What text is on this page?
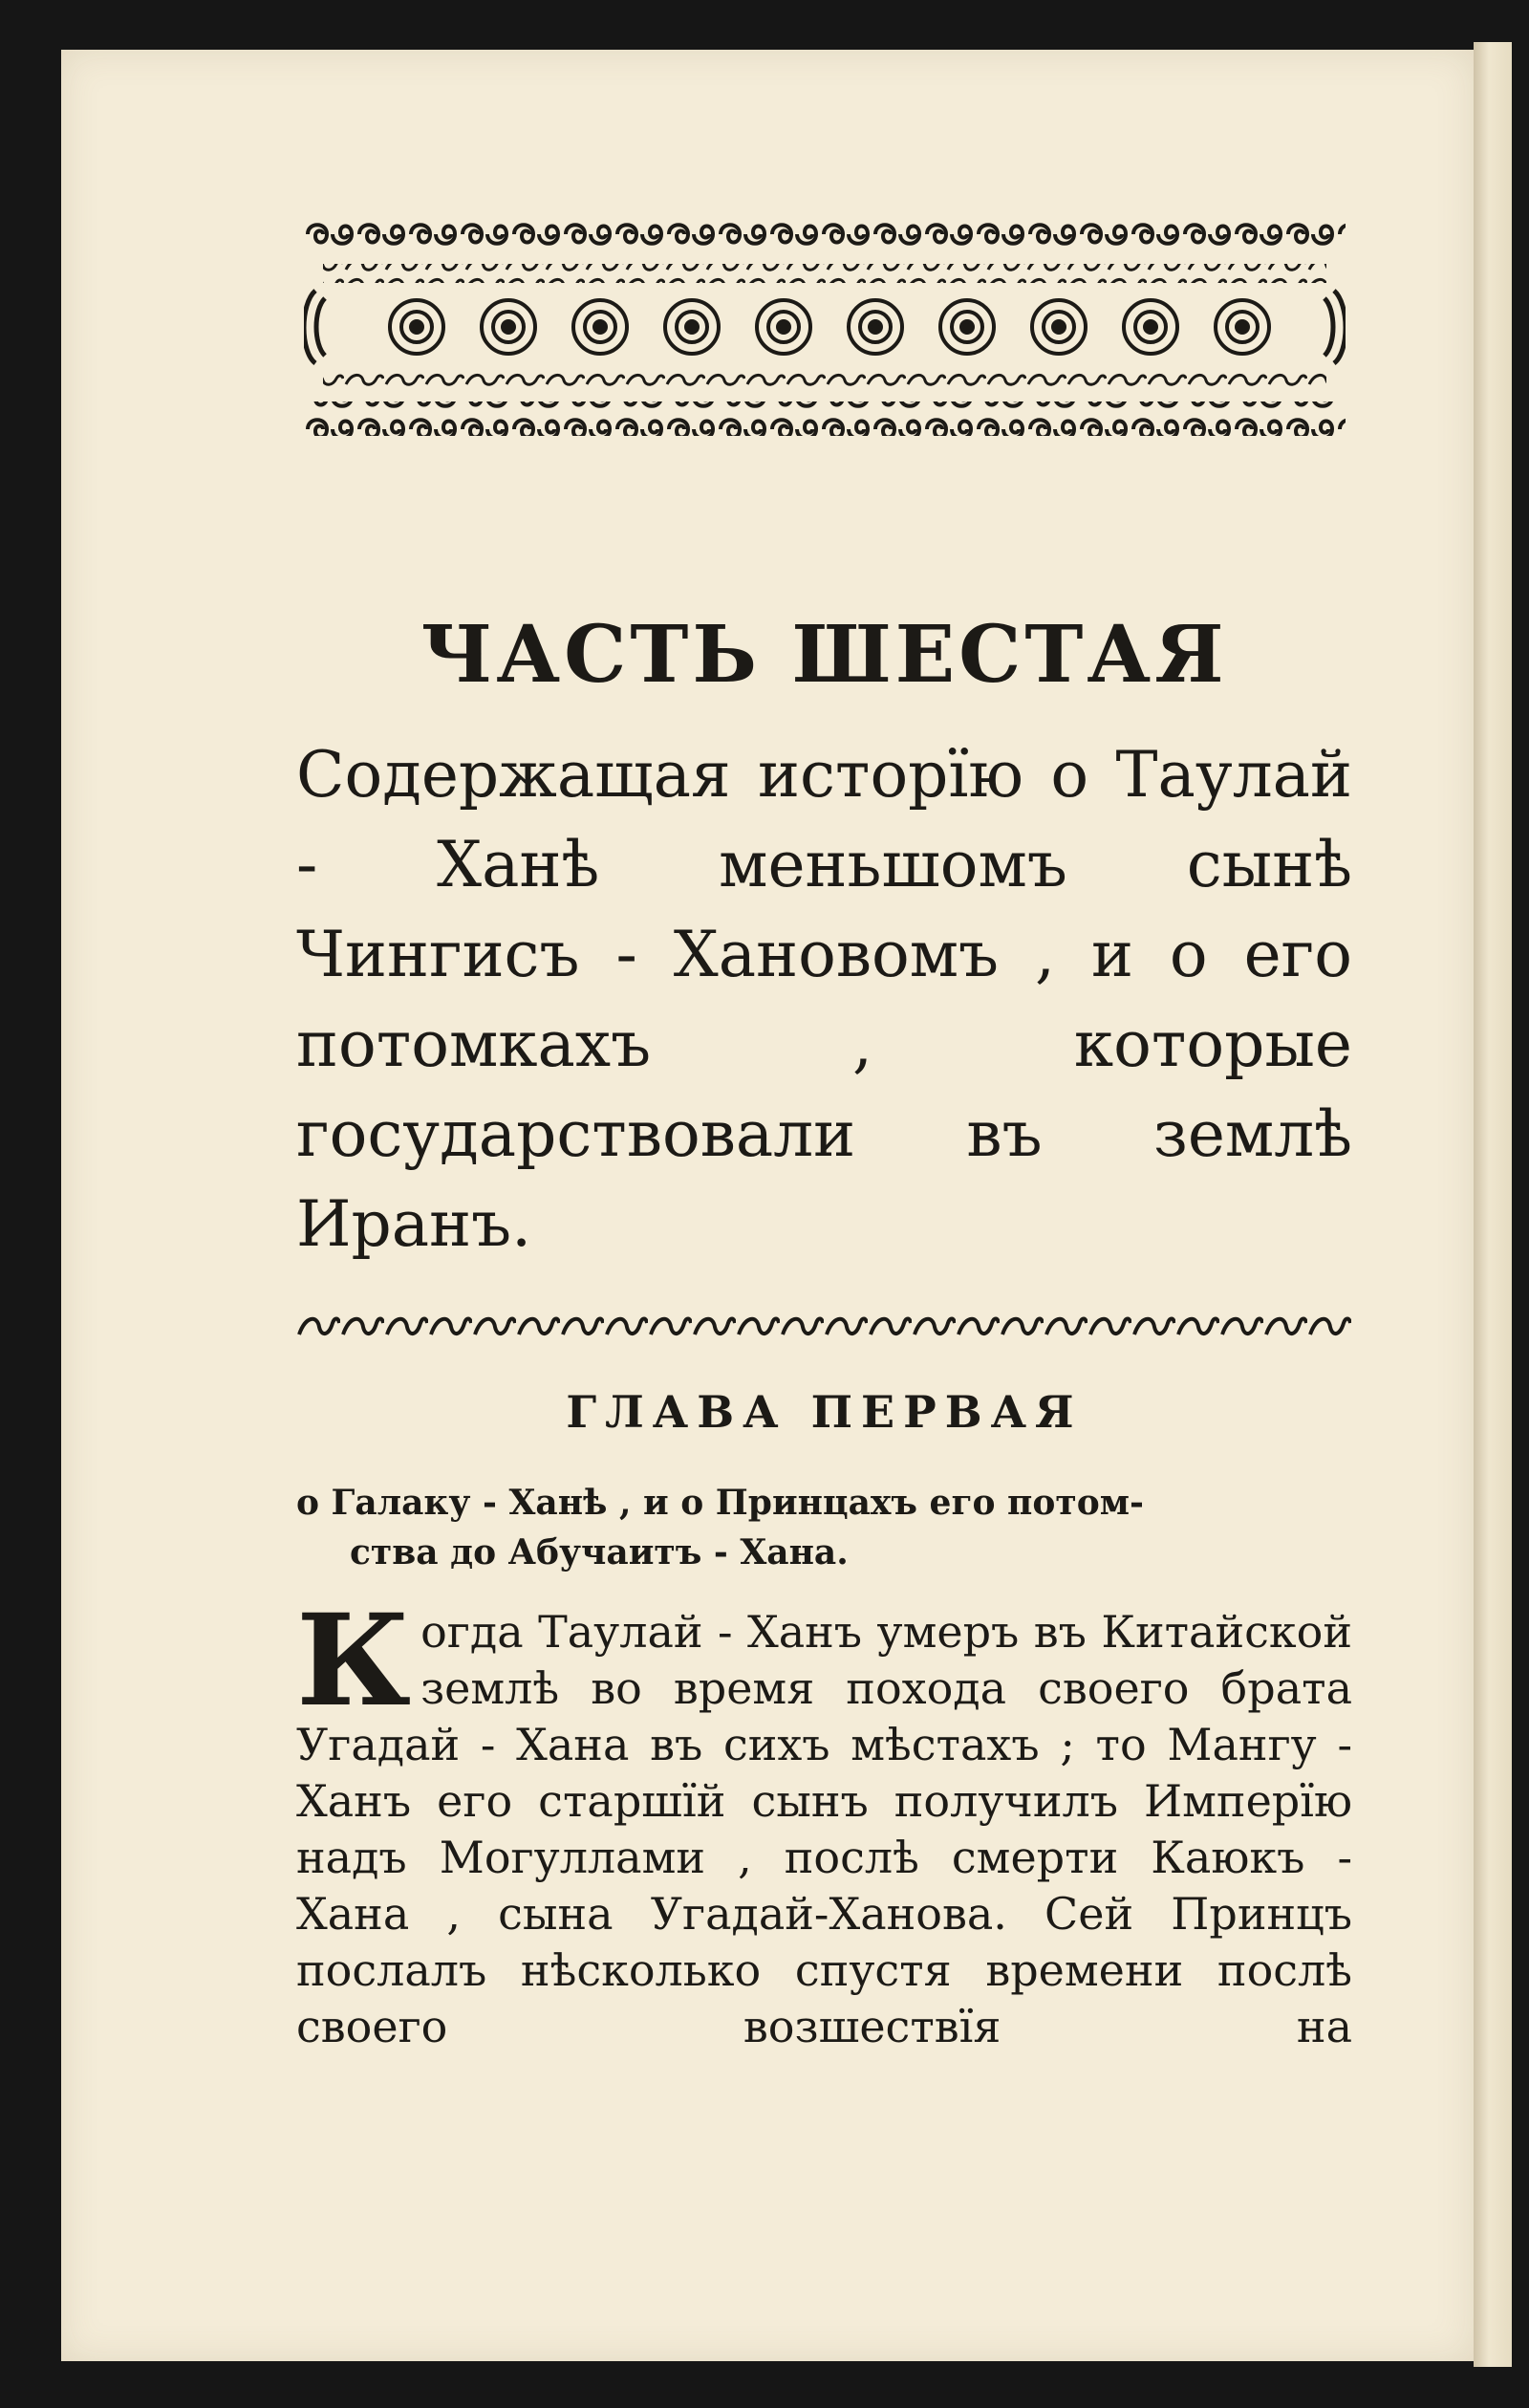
ЧАСТЬ ШЕСТАЯ

Содержащая исторїю о Таулай - Ханѣ меньшомъ сынѣ Чингисъ - Хановомъ , и о его потомкахъ , которые государствовали въ землѣ Иранъ.

ГЛАВА ПЕРВАЯ

о Галаку - Ханѣ , и о Принцахъ его потом-
ства до Абучаитъ - Хана.

Когда Таулай - Ханъ умеръ въ Китайской землѣ во время похода своего брата Угадай - Хана въ сихъ мѣстахъ ; то Мангу - Ханъ его старшїй сынъ получилъ Имперїю надъ Могуллами , послѣ смерти Каюкъ - Хана , сына Угадай-Ханова. Сей Принцъ послалъ нѣсколько спустя времени послѣ своего возшествїя на
